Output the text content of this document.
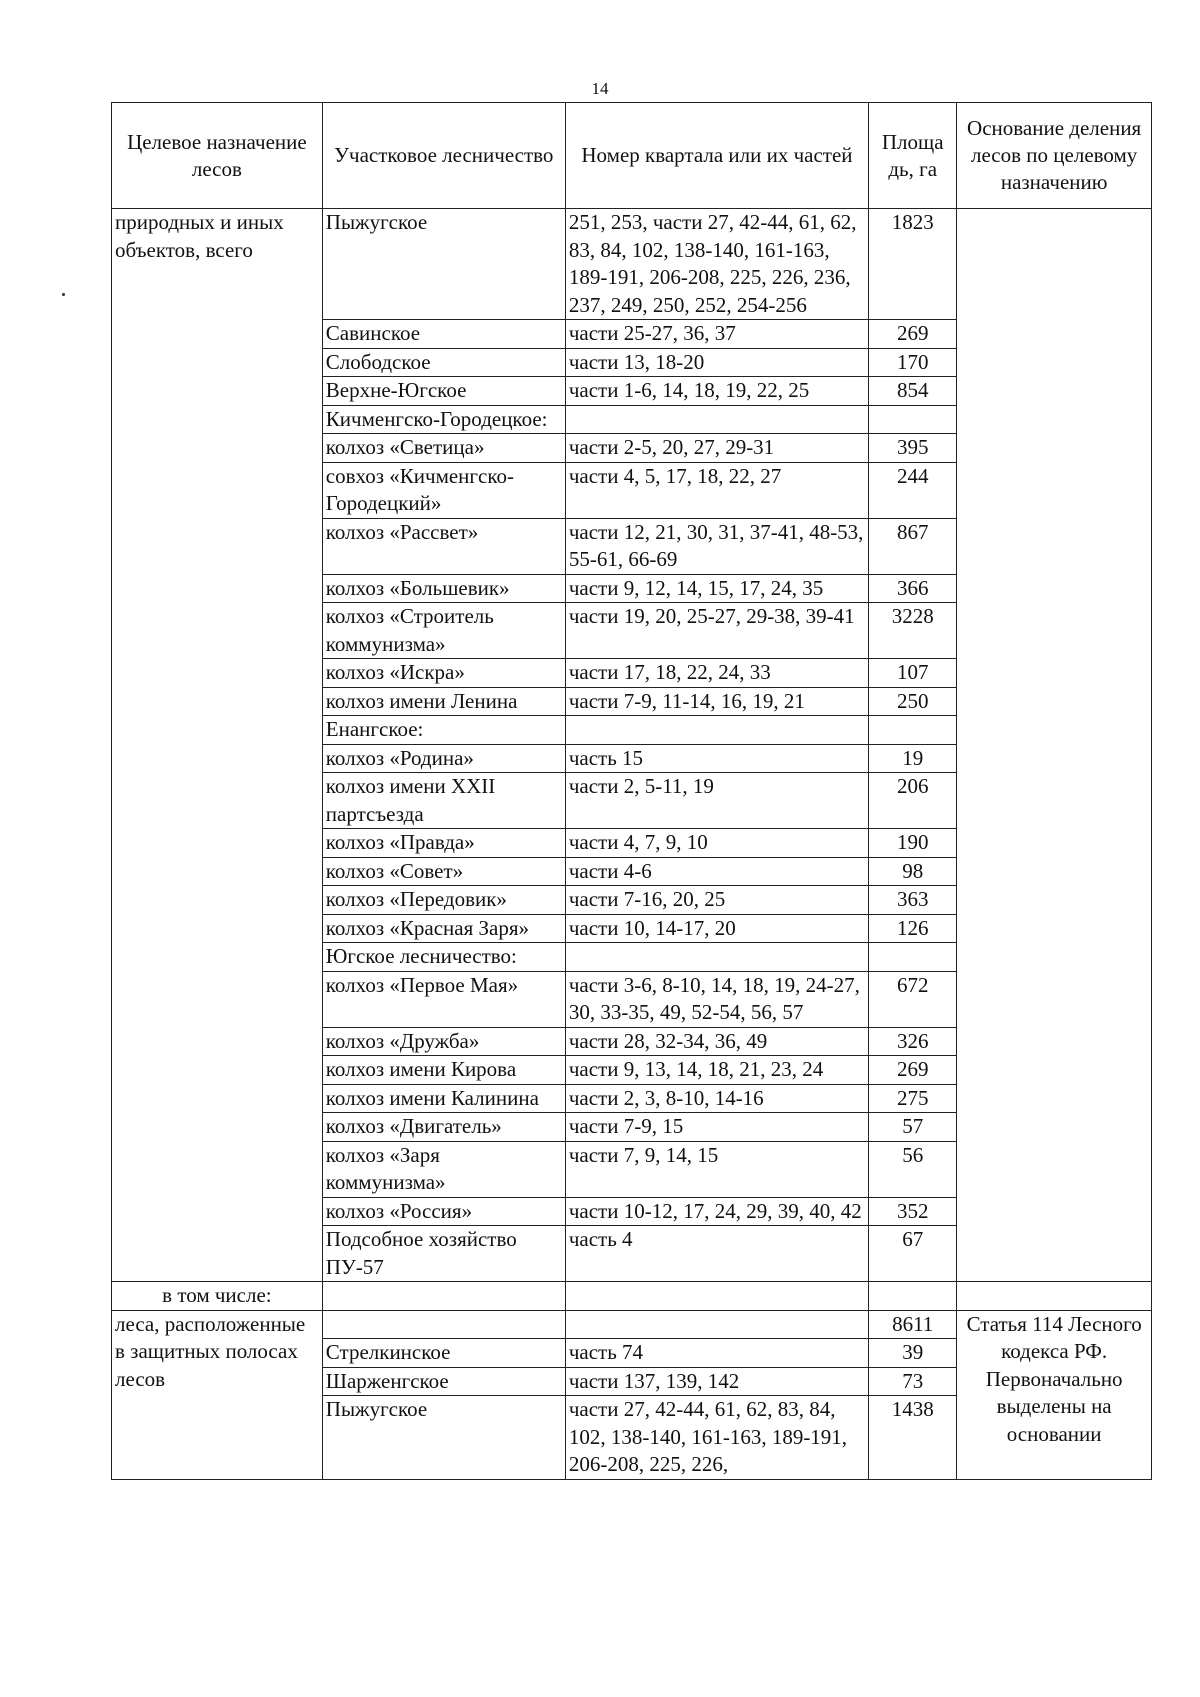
14
Целевое назначение лесов	Участковое лесничество	Номер квартала или их частей	Площа дь, га	Основание деления лесов по целевому назначению
природных и иных объектов, всего	Пыжугское	251, 253, части 27, 42-44, 61, 62, 83, 84, 102, 138-140, 161-163, 189-191, 206-208, 225, 226, 236, 237, 249, 250, 252, 254-256	1823	
	Савинское	части 25-27, 36, 37	269	
	Слободское	части 13, 18-20	170	
	Верхне-Югское	части 1-6, 14, 18, 19, 22, 25	854	
	Кичменгско-Городецкое:			
	колхоз «Светица»	части 2-5, 20, 27, 29-31	395	
	совхоз «Кичменгско-Городецкий»	части 4, 5, 17, 18, 22, 27	244	
	колхоз «Рассвет»	части 12, 21, 30, 31, 37-41, 48-53, 55-61, 66-69	867	
	колхоз «Большевик»	части 9, 12, 14, 15, 17, 24, 35	366	
	колхоз «Строитель коммунизма»	части 19, 20, 25-27, 29-38, 39-41	3228	
	колхоз «Искра»	части 17, 18, 22, 24, 33	107	
	колхоз имени Ленина	части 7-9, 11-14, 16, 19, 21	250	
	Енангское:			
	колхоз «Родина»	часть 15	19	
	колхоз имени XXII партсъезда	части 2, 5-11, 19	206	
	колхоз «Правда»	части 4, 7, 9, 10	190	
	колхоз «Совет»	части 4-6	98	
	колхоз «Передовик»	части 7-16, 20, 25	363	
	колхоз «Красная Заря»	части 10, 14-17, 20	126	
	Югское лесничество:			
	колхоз «Первое Мая»	части 3-6, 8-10, 14, 18, 19, 24-27, 30, 33-35, 49, 52-54, 56, 57	672	
	колхоз «Дружба»	части 28, 32-34, 36, 49	326	
	колхоз имени Кирова	части 9, 13, 14, 18, 21, 23, 24	269	
	колхоз имени Калинина	части 2, 3, 8-10, 14-16	275	
	колхоз «Двигатель»	части 7-9, 15	57	
	колхоз «Заря коммунизма»	части 7, 9, 14, 15	56	
	колхоз «Россия»	части 10-12, 17, 24, 29, 39, 40, 42	352	
	Подсобное хозяйство ПУ-57	часть 4	67	
в том числе:				
леса, расположенные в защитных полосах лесов			8611	Статья 114 Лесного кодекса РФ. Первоначально выделены на основании
	Стрелкинское	часть 74	39	
	Шарженгское	части 137, 139, 142	73	
	Пыжугское	части 27, 42-44, 61, 62, 83, 84, 102, 138-140, 161-163, 189-191, 206-208, 225, 226,	1438	
